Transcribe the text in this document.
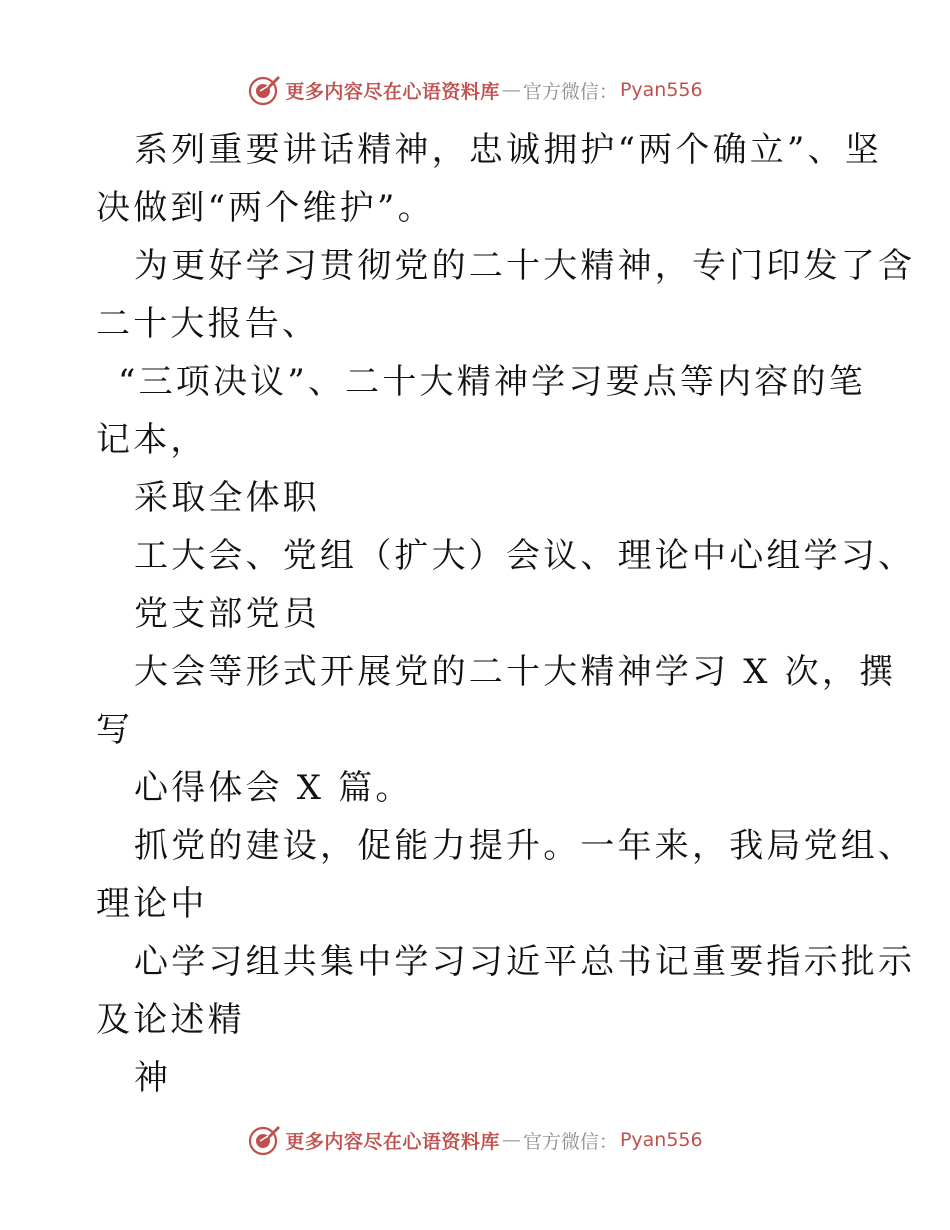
更多内容尽在心语资料库 — 官方微信： Pyan556
系列重要讲话精神，忠诚拥护“两个确立”、坚
决做到“两个维护”。
为更好学习贯彻党的二十大精神，专门印发了含
二十大报告、
“三项决议”、二十大精神学习要点等内容的笔
记本，
采取全体职
工大会、党组（扩大）会议、理论中心组学习、
党支部党员
大会等形式开展党的二十大精神学习 X 次，撰
写
心得体会 X 篇。
抓党的建设，促能力提升。一年来，我局党组、
理论中
心学习组共集中学习习近平总书记重要指示批示
及论述精
神
更多内容尽在心语资料库 — 官方微信： Pyan556
